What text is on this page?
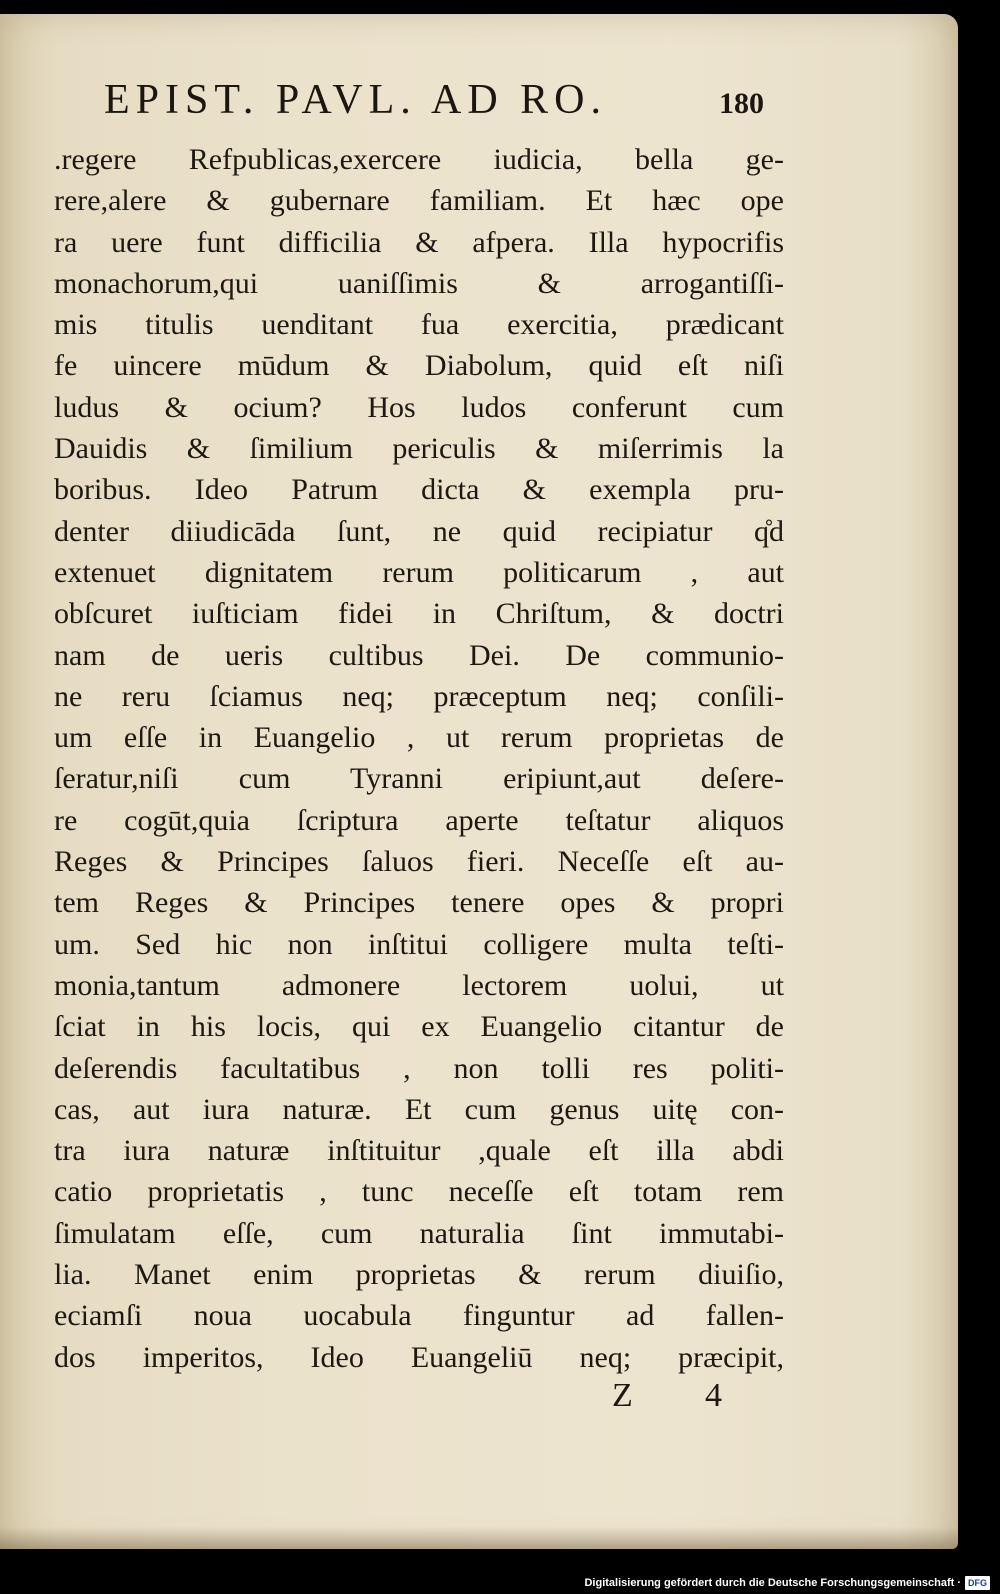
EPIST. PAVL. AD RO.	180
.regere Refpublicas,exercere iudicia, bella ge-
rere,alere & gubernare familiam. Et hæc ope
ra uere funt difficilia & afpera. Illa hypocrifis
monachorum,qui uaniſſimis & arrogantiſſi-
mis titulis uenditant fua exercitia, prædicant
fe uincere mūdum & Diabolum, quid eſt niſi
ludus & ocium? Hos ludos conferunt cum
Dauidis & ſimilium periculis & miſerrimis la
boribus. Ideo Patrum dicta & exempla pru-
denter diiudicāda ſunt, ne quid recipiatur q̊d
extenuet dignitatem rerum politicarum , aut
obſcuret iuſticiam fidei in Chriſtum, & doctri
nam de ueris cultibus Dei. De communio-
ne reru ſciamus neq; præceptum neq; conſili-
um eſſe in Euangelio , ut rerum proprietas de
ſeratur,niſi cum Tyranni eripiunt,aut deſere-
re cogūt,quia ſcriptura aperte teſtatur aliquos
Reges & Principes ſaluos fieri. Neceſſe eſt au-
tem Reges & Principes tenere opes & propri
um. Sed hic non inſtitui colligere multa teſti-
monia,tantum admonere lectorem uolui, ut
ſciat in his locis, qui ex Euangelio citantur de
deſerendis facultatibus , non tolli res politi-
cas, aut iura naturæ. Et cum genus uitę con-
tra iura naturæ inſtituitur ,quale eſt illa abdi
catio proprietatis , tunc neceſſe eſt totam rem
ſimulatam eſſe, cum naturalia ſint immutabi-
lia. Manet enim proprietas & rerum diuiſio,
eciamſi noua uocabula finguntur ad fallen-
dos imperitos, Ideo Euangeliū neq; præcipit,
Z 4
Digitalisierung gefördert durch die Deutsche Forschungsgemeinschaft · DFG
